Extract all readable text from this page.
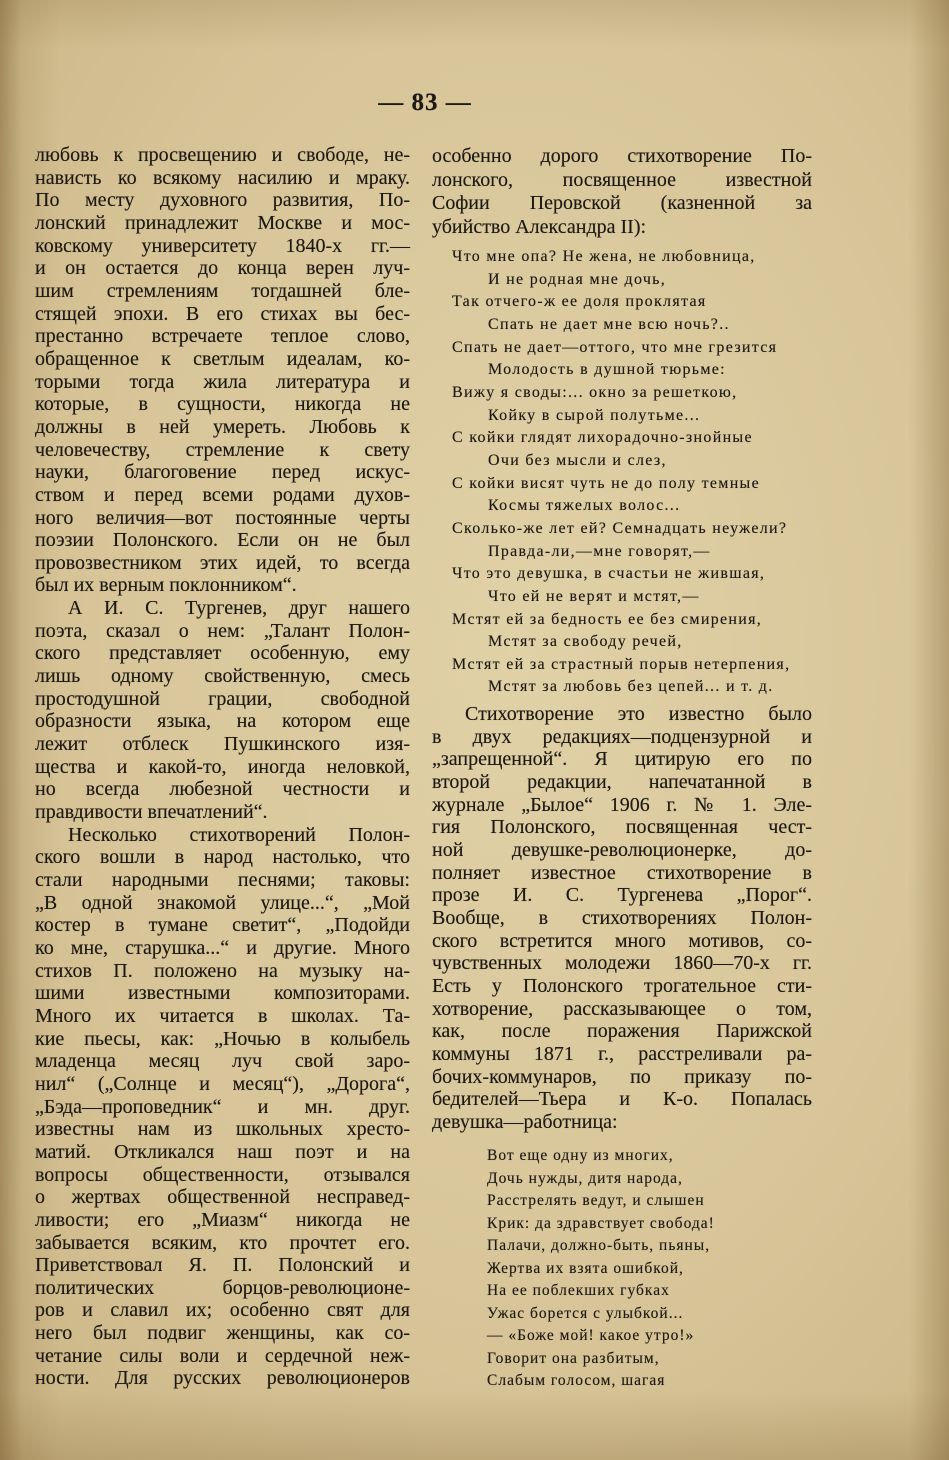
— 83 —
любовь к просвещению и свободе, не-
нависть ко всякому насилию и мраку.
По месту духовного развития, По-
лонский принадлежит Москве и мос-
ковскому университету 1840-х гг.—
и он остается до конца верен луч-
шим стремлениям тогдашней бле-
стящей эпохи. В его стихах вы бес-
престанно встречаете теплое слово,
обращенное к светлым идеалам, ко-
торыми тогда жила литература и
которые, в сущности, никогда не
должны в ней умереть. Любовь к
человечеству, стремление к свету
науки, благоговение перед искус-
ством и перед всеми родами духов-
ного величия—вот постоянные черты
поэзии Полонского. Если он не был
провозвестником этих идей, то всегда
был их верным поклонником“.
А И. С. Тургенев, друг нашего
поэта, сказал о нем: „Талант Полон-
ского представляет особенную, ему
лишь одному свойственную, смесь
простодушной грации, свободной
образности языка, на котором еще
лежит отблеск Пушкинского изя-
щества и какой-то, иногда неловкой,
но всегда любезной честности и
правдивости впечатлений“.
Несколько стихотворений Полон-
ского вошли в народ настолько, что
стали народными песнями; таковы:
„В одной знакомой улице...“, „Мой
костер в тумане светит“, „Подойди
ко мне, старушка...“ и другие. Много
стихов П. положено на музыку на-
шими известными композиторами.
Много их читается в школах. Та-
кие пьесы, как: „Ночью в колыбель
младенца месяц луч свой заро-
нил“ („Солнце и месяц“), „Дорога“,
„Бэда—проповедник“ и мн. друг.
известны нам из школьных хресто-
матий. Откликался наш поэт и на
вопросы общественности, отзывался
о жертвах общественной несправед-
ливости; его „Миазм“ никогда не
забывается всяким, кто прочтет его.
Приветствовал Я. П. Полонский и
политических борцов-революционе-
ров и славил их; особенно свят для
него был подвиг женщины, как со-
четание силы воли и сердечной неж-
ности. Для русских революционеров
особенно дорого стихотворение По-
лонского, посвященное известной
Софии Перовской (казненной за
убийство Александра II):
Что мне опа? Не жена, не любовница,
И не родная мне дочь,
Так отчего-ж ее доля проклятая
Спать не дает мне всю ночь?..
Спать не дает—оттого, что мне грезится
Молодость в душной тюрьме:
Вижу я своды:... окно за решеткою,
Койку в сырой полутьме...
С койки глядят лихорадочно-знойные
Очи без мысли и слез,
С койки висят чуть не до полу темные
Космы тяжелых волос...
Сколько-же лет ей? Семнадцать неужели?
Правда-ли,—мне говорят,—
Что это девушка, в счастьи не жившая,
Что ей не верят и мстят,—
Мстят ей за бедность ее без смирения,
Мстят за свободу речей,
Мстят ей за страстный порыв нетерпения,
Мстят за любовь без цепей... и т. д.
Стихотворение это известно было
в двух редакциях—подцензурной и
„запрещенной“. Я цитирую его по
второй редакции, напечатанной в
журнале „Былое“ 1906 г. № 1. Эле-
гия Полонского, посвященная чест-
ной девушке-революционерке, до-
полняет известное стихотворение в
прозе И. С. Тургенева „Порог“.
Вообще, в стихотворениях Полон-
ского встретится много мотивов, со-
чувственных молодежи 1860—70-х гг.
Есть у Полонского трогательное сти-
хотворение, рассказывающее о том,
как, после поражения Парижской
коммуны 1871 г., расстреливали ра-
бочих-коммунаров, по приказу по-
бедителей—Тьера и К-о. Попалась
девушка—работница:
Вот еще одну из многих,
Дочь нужды, дитя народа,
Расстрелять ведут, и слышен
Крик: да здравствует свобода!
Палачи, должно-быть, пьяны,
Жертва их взята ошибкой,
На ее поблекших губках
Ужас борется с улыбкой...
— «Боже мой! какое утро!»
Говорит она разбитым,
Слабым голосом, шагая
